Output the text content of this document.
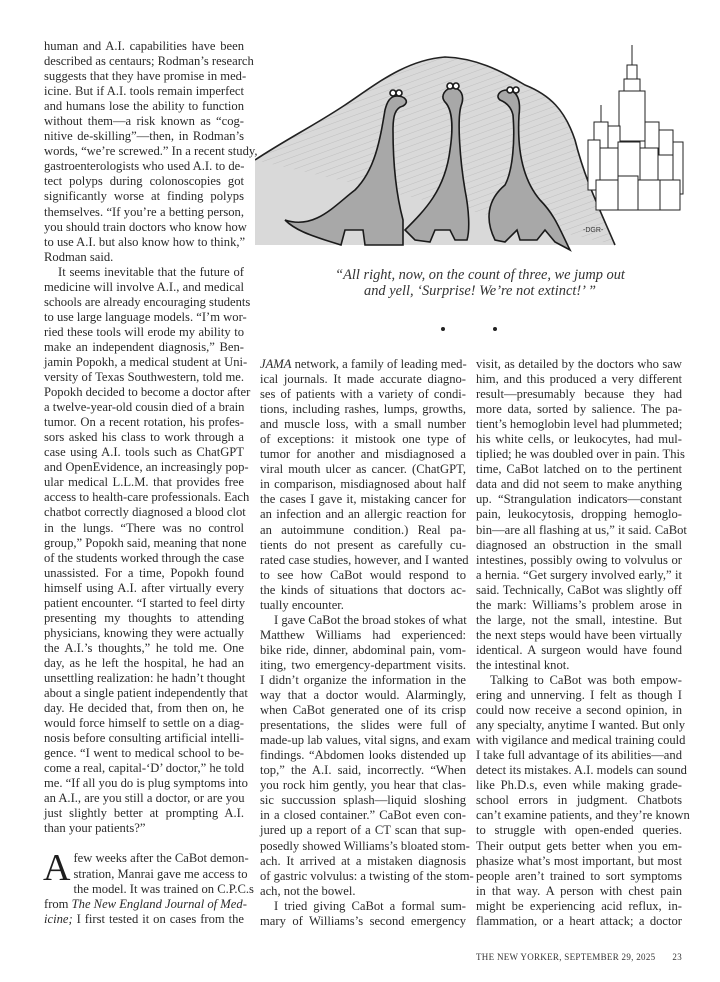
-DGR-
“All right, now, on the count of three, we jump out
and yell, ‘Surprise! We’re not extinct!’ ”
human and A.I. capabilities have been
described as centaurs; Rodman’s research
suggests that they have promise in med-
icine. But if A.I. tools remain imperfect
and humans lose the ability to function
without them—a risk known as “cog-
nitive de-skilling”—then, in Rodman’s
words, “we’re screwed.” In a recent study,
gastroenterologists who used A.I. to de-
tect polyps during colonoscopies got
significantly worse at finding polyps
themselves. “If you’re a betting person,
you should train doctors who know how
to use A.I. but also know how to think,”
Rodman said.
It seems inevitable that the future of
medicine will involve A.I., and medical
schools are already encouraging students
to use large language models. “I’m wor-
ried these tools will erode my ability to
make an independent diagnosis,” Ben-
jamin Popokh, a medical student at Uni-
versity of Texas Southwestern, told me.
Popokh decided to become a doctor after
a twelve-year-old cousin died of a brain
tumor. On a recent rotation, his profes-
sors asked his class to work through a
case using A.I. tools such as ChatGPT
and OpenEvidence, an increasingly pop-
ular medical L.L.M. that provides free
access to health-care professionals. Each
chatbot correctly diagnosed a blood clot
in the lungs. “There was no control
group,” Popokh said, meaning that none
of the students worked through the case
unassisted. For a time, Popokh found
himself using A.I. after virtually every
patient encounter. “I started to feel dirty
presenting my thoughts to attending
physicians, knowing they were actually
the A.I.’s thoughts,” he told me. One
day, as he left the hospital, he had an
unsettling realization: he hadn’t thought
about a single patient independently that
day. He decided that, from then on, he
would force himself to settle on a diag-
nosis before consulting artificial intelli-
gence. “I went to medical school to be-
come a real, capital-‘D’ doctor,” he told
me. “If all you do is plug symptoms into
an A.I., are you still a doctor, or are you
just slightly better at prompting A.I.
than your patients?”
A few weeks after the CaBot demon-
stration, Manrai gave me access to
the model. It was trained on C.P.C.s
from The New England Journal of Med-
icine; I first tested it on cases from the
JAMA network, a family of leading med-
ical journals. It made accurate diagno-
ses of patients with a variety of condi-
tions, including rashes, lumps, growths,
and muscle loss, with a small number
of exceptions: it mistook one type of
tumor for another and misdiagnosed a
viral mouth ulcer as cancer. (ChatGPT,
in comparison, misdiagnosed about half
the cases I gave it, mistaking cancer for
an infection and an allergic reaction for
an autoimmune condition.) Real pa-
tients do not present as carefully cu-
rated case studies, however, and I wanted
to see how CaBot would respond to
the kinds of situations that doctors ac-
tually encounter.
I gave CaBot the broad stokes of what
Matthew Williams had experienced:
bike ride, dinner, abdominal pain, vom-
iting, two emergency-department visits.
I didn’t organize the information in the
way that a doctor would. Alarmingly,
when CaBot generated one of its crisp
presentations, the slides were full of
made-up lab values, vital signs, and exam
findings. “Abdomen looks distended up
top,” the A.I. said, incorrectly. “When
you rock him gently, you hear that clas-
sic succussion splash—liquid sloshing
in a closed container.” CaBot even con-
jured up a report of a CT scan that sup-
posedly showed Williams’s bloated stom-
ach. It arrived at a mistaken diagnosis
of gastric volvulus: a twisting of the stom-
ach, not the bowel.
I tried giving CaBot a formal sum-
mary of Williams’s second emergency
visit, as detailed by the doctors who saw
him, and this produced a very different
result—presumably because they had
more data, sorted by salience. The pa-
tient’s hemoglobin level had plummeted;
his white cells, or leukocytes, had mul-
tiplied; he was doubled over in pain. This
time, CaBot latched on to the pertinent
data and did not seem to make anything
up. “Strangulation indicators—constant
pain, leukocytosis, dropping hemoglo-
bin—are all flashing at us,” it said. CaBot
diagnosed an obstruction in the small
intestines, possibly owing to volvulus or
a hernia. “Get surgery involved early,” it
said. Technically, CaBot was slightly off
the mark: Williams’s problem arose in
the large, not the small, intestine. But
the next steps would have been virtually
identical. A surgeon would have found
the intestinal knot.
Talking to CaBot was both empow-
ering and unnerving. I felt as though I
could now receive a second opinion, in
any specialty, anytime I wanted. But only
with vigilance and medical training could
I take full advantage of its abilities—and
detect its mistakes. A.I. models can sound
like Ph.D.s, even while making grade-
school errors in judgment. Chatbots
can’t examine patients, and they’re known
to struggle with open-ended queries.
Their output gets better when you em-
phasize what’s most important, but most
people aren’t trained to sort symptoms
in that way. A person with chest pain
might be experiencing acid reflux, in-
flammation, or a heart attack; a doctor
THE NEW YORKER, SEPTEMBER 29, 2025 23
